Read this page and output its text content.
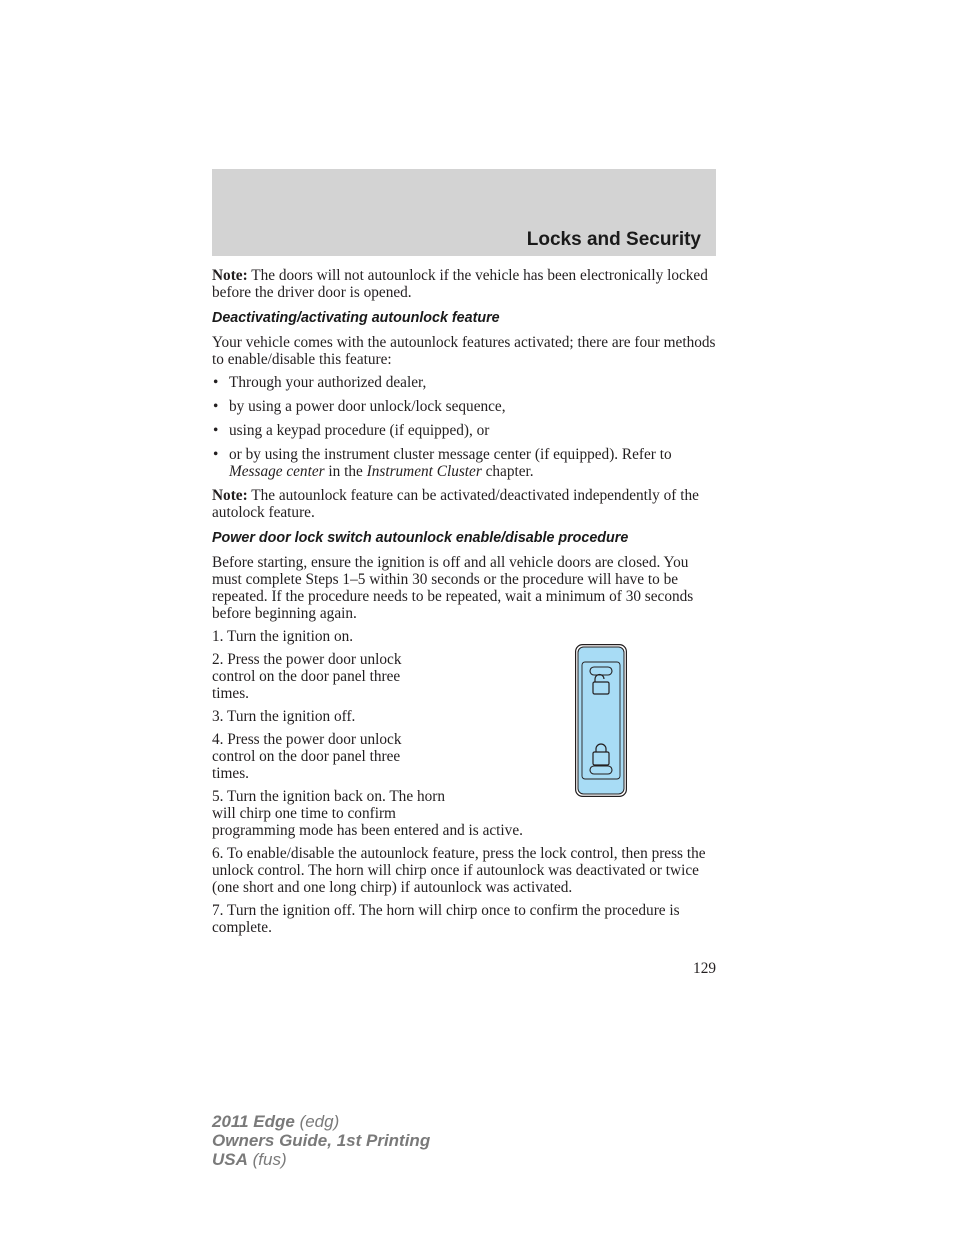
Locks and Security

Note: The doors will not autounlock if the vehicle has been electronically locked before the driver door is opened.

Deactivating/activating autounlock feature

Your vehicle comes with the autounlock features activated; there are four methods to enable/disable this feature:

• Through your authorized dealer,
• by using a power door unlock/lock sequence,
• using a keypad procedure (if equipped), or
• or by using the instrument cluster message center (if equipped). Refer to Message center in the Instrument Cluster chapter.

Note: The autounlock feature can be activated/deactivated independently of the autolock feature.

Power door lock switch autounlock enable/disable procedure

Before starting, ensure the ignition is off and all vehicle doors are closed. You must complete Steps 1–5 within 30 seconds or the procedure will have to be repeated. If the procedure needs to be repeated, wait a minimum of 30 seconds before beginning again.

1. Turn the ignition on.

2. Press the power door unlock control on the door panel three times.

3. Turn the ignition off.

4. Press the power door unlock control on the door panel three times.

5. Turn the ignition back on. The horn will chirp one time to confirm
programming mode has been entered and is active.

6. To enable/disable the autounlock feature, press the lock control, then press the unlock control. The horn will chirp once if autounlock was deactivated or twice (one short and one long chirp) if autounlock was activated.

7. Turn the ignition off. The horn will chirp once to confirm the procedure is complete.

129
2011 Edge (edg)
Owners Guide, 1st Printing
USA (fus)
